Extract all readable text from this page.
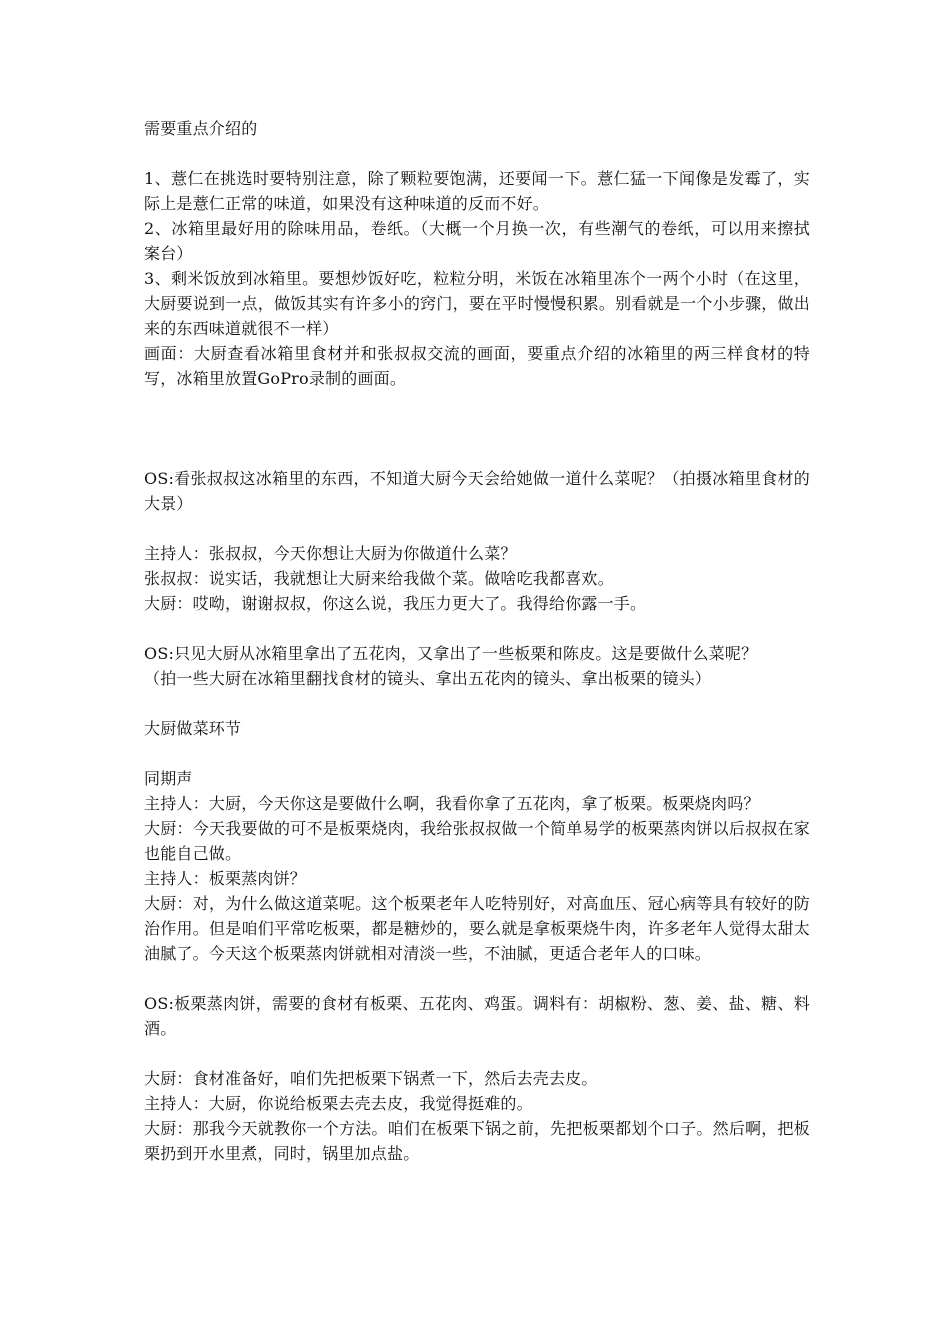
需要重点介绍的

1、薏仁在挑选时要特别注意，除了颗粒要饱满，还要闻一下。薏仁猛一下闻像是发霉了，实际上是薏仁正常的味道，如果没有这种味道的反而不好。

2、冰箱里最好用的除味用品，卷纸。（大概一个月换一次，有些潮气的卷纸，可以用来擦拭案台）

3、剩米饭放到冰箱里。要想炒饭好吃，粒粒分明，米饭在冰箱里冻个一两个小时（在这里，大厨要说到一点，做饭其实有许多小的窍门，要在平时慢慢积累。别看就是一个小步骤，做出来的东西味道就很不一样）

画面：大厨查看冰箱里食材并和张叔叔交流的画面，要重点介绍的冰箱里的两三样食材的特写，冰箱里放置GoPro录制的画面。

OS:看张叔叔这冰箱里的东西，不知道大厨今天会给她做一道什么菜呢？（拍摄冰箱里食材的大景）

主持人：张叔叔，今天你想让大厨为你做道什么菜？

张叔叔：说实话，我就想让大厨来给我做个菜。做啥吃我都喜欢。

大厨：哎呦，谢谢叔叔，你这么说，我压力更大了。我得给你露一手。

OS:只见大厨从冰箱里拿出了五花肉，又拿出了一些板栗和陈皮。这是要做什么菜呢？

（拍一些大厨在冰箱里翻找食材的镜头、拿出五花肉的镜头、拿出板栗的镜头）

大厨做菜环节

同期声

主持人：大厨，今天你这是要做什么啊，我看你拿了五花肉，拿了板栗。板栗烧肉吗？

大厨：今天我要做的可不是板栗烧肉，我给张叔叔做一个简单易学的板栗蒸肉饼以后叔叔在家也能自己做。

主持人：板栗蒸肉饼？

大厨：对，为什么做这道菜呢。这个板栗老年人吃特别好，对高血压、冠心病等具有较好的防治作用。但是咱们平常吃板栗，都是糖炒的，要么就是拿板栗烧牛肉，许多老年人觉得太甜太油腻了。今天这个板栗蒸肉饼就相对清淡一些，不油腻，更适合老年人的口味。

OS:板栗蒸肉饼，需要的食材有板栗、五花肉、鸡蛋。调料有：胡椒粉、葱、姜、盐、糖、料酒。

大厨：食材准备好，咱们先把板栗下锅煮一下，然后去壳去皮。

主持人：大厨，你说给板栗去壳去皮，我觉得挺难的。

大厨：那我今天就教你一个方法。咱们在板栗下锅之前，先把板栗都划个口子。然后啊，把板栗扔到开水里煮，同时，锅里加点盐。
